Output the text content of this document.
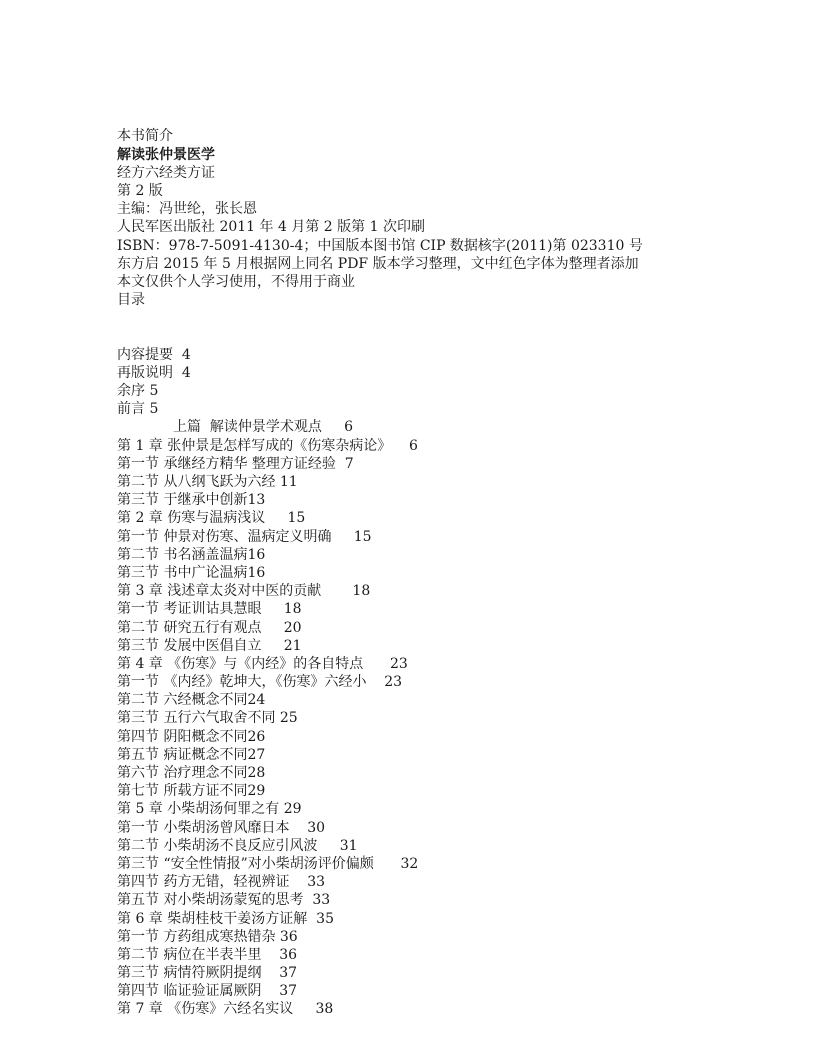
本书简介
解读张仲景医学
经方六经类方证
第 2 版
主编：冯世纶，张长恩
人民军医出版社 2011 年 4 月第 2 版第 1 次印刷
ISBN：978-7-5091-4130-4；中国版本图书馆 CIP 数据核字(2011)第 023310 号
东方启 2015 年 5 月根据网上同名 PDF 版本学习整理，文中红色字体为整理者添加
本文仅供个人学习使用，不得用于商业
目录

内容提要  4
再版说明  4
余序 5
前言 5
上篇  解读仲景学术观点     6
第 1 章 张仲景是怎样写成的《伤寒杂病论》    6
第一节 承继经方精华 整理方证经验  7
第二节 从八纲飞跃为六经 11
第三节 于继承中创新13
第 2 章 伤寒与温病浅议     15
第一节 仲景对伤寒、温病定义明确     15
第二节 书名涵盖温病16
第三节 书中广论温病16
第 3 章 浅述章太炎对中医的贡献       18
第一节 考证训诂具慧眼     18
第二节 研究五行有观点     20
第三节 发展中医倡自立     21
第 4 章 《伤寒》与《内经》的各自特点      23
第一节 《内经》乾坤大，《伤寒》六经小    23
第二节 六经概念不同24
第三节 五行六气取舍不同 25
第四节 阴阳概念不同26
第五节 病证概念不同27
第六节 治疗理念不同28
第七节 所载方证不同29
第 5 章 小柴胡汤何罪之有 29
第一节 小柴胡汤曾风靡日本    30
第二节 小柴胡汤不良反应引风波     31
第三节 “安全性情报”对小柴胡汤评价偏颇      32
第四节 药方无错，轻视辨证    33
第五节 对小柴胡汤蒙冤的思考  33
第 6 章 柴胡桂枝干姜汤方证解  35
第一节 方药组成寒热错杂 36
第二节 病位在半表半里    36
第三节 病情符厥阴提纲    37
第四节 临证验证属厥阴    37
第 7 章 《伤寒》六经名实议     38
